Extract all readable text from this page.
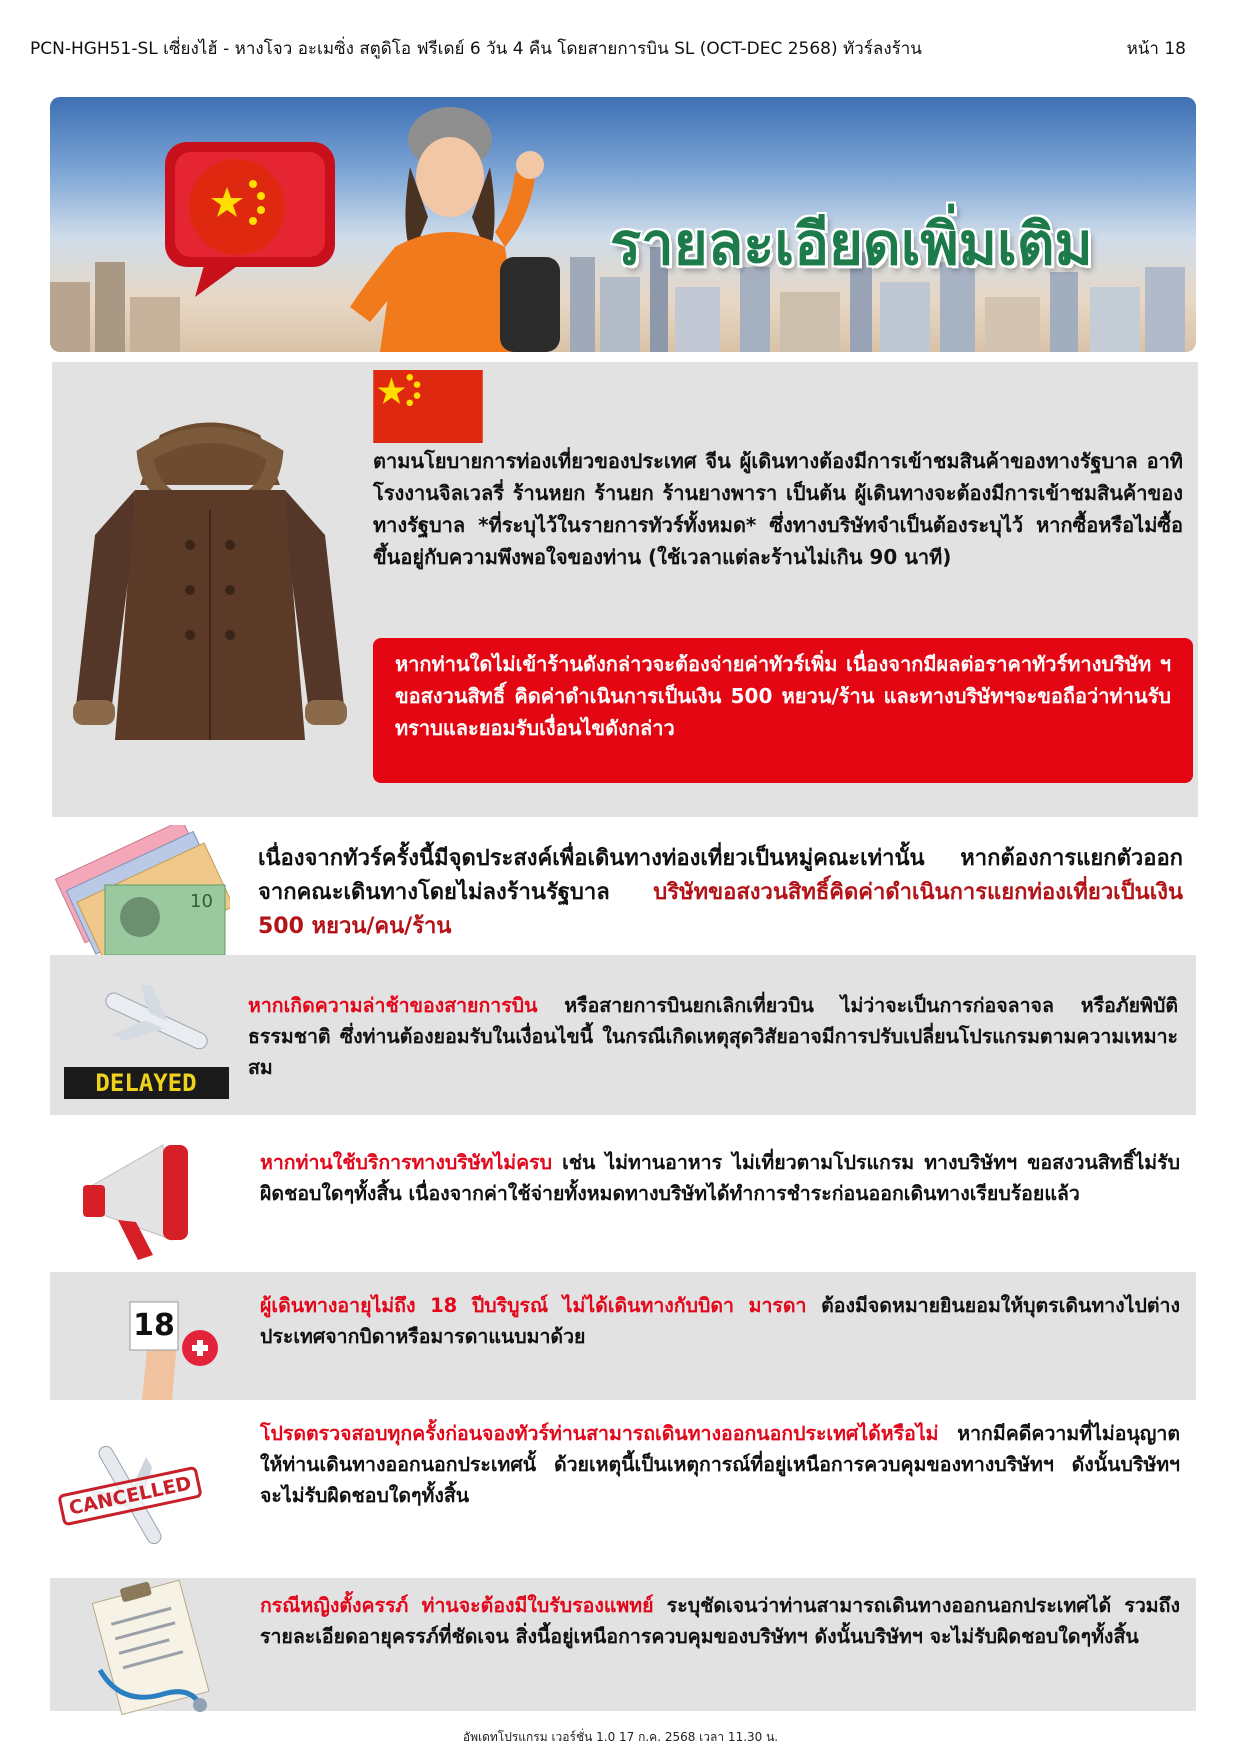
PCN-HGH51-SL เซี่ยงไฮ้ - หางโจว อะเมซิ่ง สตูดิโอ ฟรีเดย์ 6 วัน 4 คืน โดยสายการบิน SL (OCT-DEC 2568) ทัวร์ลงร้าน	หน้า 18
รายละเอียดเพิ่มเติม
ตามนโยบายการท่องเที่ยวของประเทศ จีน ผู้เดินทางต้องมีการเข้าชมสินค้าของทางรัฐบาล อาทิโรงงานจิลเวลรี่ ร้านหยก ร้านยก ร้านยางพารา เป็นต้น ผู้เดินทางจะต้องมีการเข้าชมสินค้าของทางรัฐบาล *ที่ระบุไว้ในรายการทัวร์ทั้งหมด* ซึ่งทางบริษัทจำเป็นต้องระบุไว้ หากซื้อหรือไม่ซื้อขึ้นอยู่กับความพึงพอใจของท่าน (ใช้เวลาแต่ละร้านไม่เกิน 90 นาที)

หากท่านใดไม่เข้าร้านดังกล่าวจะต้องจ่ายค่าทัวร์เพิ่ม เนื่องจากมีผลต่อราคาทัวร์ทางบริษัท ฯ ขอสงวนสิทธิ์ คิดค่าดำเนินการเป็นเงิน 500 หยวน/ร้าน และทางบริษัทฯจะขอถือว่าท่านรับทราบและยอมรับเงื่อนไขดังกล่าว

10
เนื่องจากทัวร์ครั้งนี้มีจุดประสงค์เพื่อเดินทางท่องเที่ยวเป็นหมู่คณะเท่านั้น หากต้องการแยกตัวออกจากคณะเดินทางโดยไม่ลงร้านรัฐบาล บริษัทขอสงวนสิทธิ์คิดค่าดำเนินการแยกท่องเที่ยวเป็นเงิน 500 หยวน/คน/ร้าน
DELAYED
หากเกิดความล่าช้าของสายการบิน หรือสายการบินยกเลิกเที่ยวบิน ไม่ว่าจะเป็นการก่อจลาจล หรือภัยพิบัติธรรมชาติ ซึ่งท่านต้องยอมรับในเงื่อนไขนี้ ในกรณีเกิดเหตุสุดวิสัยอาจมีการปรับเปลี่ยนโปรแกรมตามความเหมาะสม
หากท่านใช้บริการทางบริษัทไม่ครบ เช่น ไม่ทานอาหาร ไม่เที่ยวตามโปรแกรม ทางบริษัทฯ ขอสงวนสิทธิ์ไม่รับผิดชอบใดๆทั้งสิ้น เนื่องจากค่าใช้จ่ายทั้งหมดทางบริษัทได้ทำการชำระก่อนออกเดินทางเรียบร้อยแล้ว
18
ผู้เดินทางอายุไม่ถึง 18 ปีบริบูรณ์ ไม่ได้เดินทางกับบิดา มารดา ต้องมีจดหมายยินยอมให้บุตรเดินทางไปต่างประเทศจากบิดาหรือมารดาแนบมาด้วย
CANCELLED
โปรดตรวจสอบทุกครั้งก่อนจองทัวร์ท่านสามารถเดินทางออกนอกประเทศได้หรือไม่ หากมีคดีความที่ไม่อนุญาตให้ท่านเดินทางออกนอกประเทศนั้ ด้วยเหตุนี้เป็นเหตุการณ์ที่อยู่เหนือการควบคุมของทางบริษัทฯ ดังนั้นบริษัทฯ จะไม่รับผิดชอบใดๆทั้งสิ้น
กรณีหญิงตั้งครรภ์ ท่านจะต้องมีใบรับรองแพทย์ ระบุชัดเจนว่าท่านสามารถเดินทางออกนอกประเทศได้ รวมถึงรายละเอียดอายุครรภ์ที่ชัดเจน สิ่งนี้อยู่เหนือการควบคุมของบริษัทฯ ดังนั้นบริษัทฯ จะไม่รับผิดชอบใดๆทั้งสิ้น
อัพเดทโปรแกรม เวอร์ชั่น 1.0 17 ก.ค. 2568 เวลา 11.30 น.
